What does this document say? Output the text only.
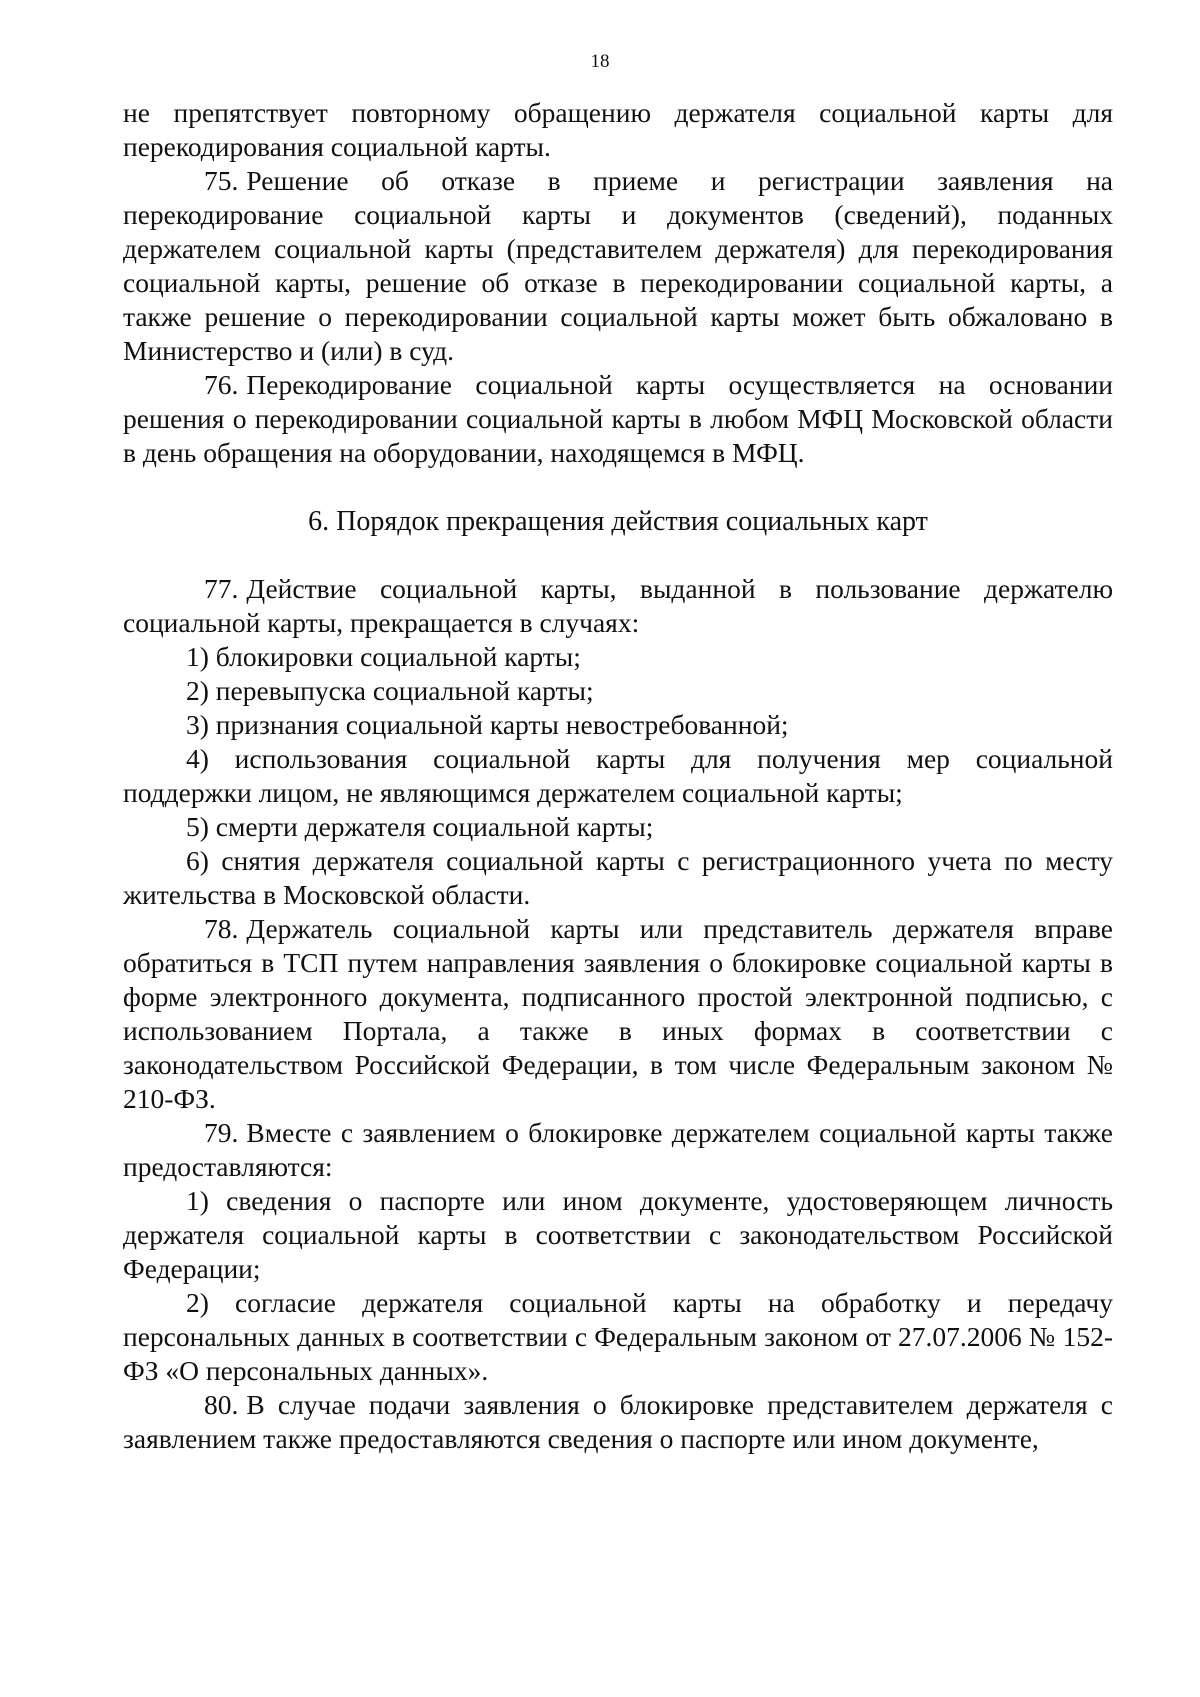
18

не препятствует повторному обращению держателя социальной карты для перекодирования социальной карты.

75. Решение об отказе в приеме и регистрации заявления на перекодирование социальной карты и документов (сведений), поданных держателем социальной карты (представителем держателя) для перекодирования социальной карты, решение об отказе в перекодировании социальной карты, а также решение о перекодировании социальной карты может быть обжаловано в Министерство и (или) в суд.

76. Перекодирование социальной карты осуществляется на основании решения о перекодировании социальной карты в любом МФЦ Московской области в день обращения на оборудовании, находящемся в МФЦ.

6. Порядок прекращения действия социальных карт

77. Действие социальной карты, выданной в пользование держателю социальной карты, прекращается в случаях:

1) блокировки социальной карты;

2) перевыпуска социальной карты;

3) признания социальной карты невостребованной;

4) использования социальной карты для получения мер социальной поддержки лицом, не являющимся держателем социальной карты;

5) смерти держателя социальной карты;

6) снятия держателя социальной карты с регистрационного учета по месту жительства в Московской области.

78. Держатель социальной карты или представитель держателя вправе обратиться в ТСП путем направления заявления о блокировке социальной карты в форме электронного документа, подписанного простой электронной подписью, с использованием Портала, а также в иных формах в соответствии с законодательством Российской Федерации, в том числе Федеральным законом № 210-ФЗ.

79. Вместе с заявлением о блокировке держателем социальной карты также предоставляются:

1) сведения о паспорте или ином документе, удостоверяющем личность держателя социальной карты в соответствии с законодательством Российской Федерации;

2) согласие держателя социальной карты на обработку и передачу персональных данных в соответствии с Федеральным законом от 27.07.2006 № 152-ФЗ «О персональных данных».

80. В случае подачи заявления о блокировке представителем держателя с заявлением также предоставляются сведения о паспорте или ином документе,
